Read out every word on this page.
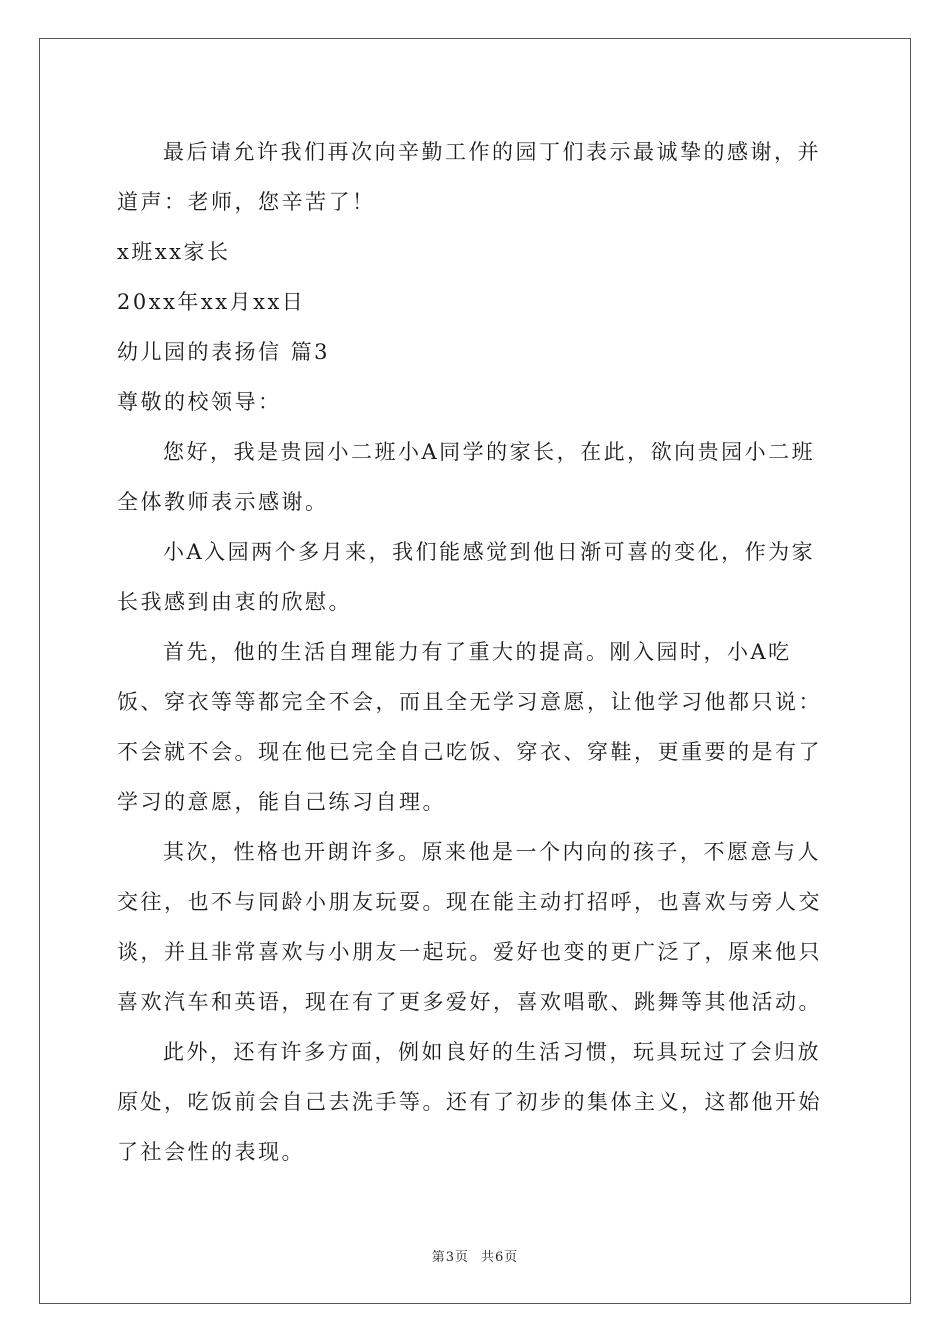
最后请允许我们再次向辛勤工作的园丁们表示最诚挚的感谢，并道声：老师，您辛苦了！

x班xx家长

20xx年xx月xx日

幼儿园的表扬信 篇3

尊敬的校领导：

您好，我是贵园小二班小A同学的家长，在此，欲向贵园小二班全体教师表示感谢。

小A入园两个多月来，我们能感觉到他日渐可喜的变化，作为家长我感到由衷的欣慰。

首先，他的生活自理能力有了重大的提高。刚入园时，小A吃饭、穿衣等等都完全不会，而且全无学习意愿，让他学习他都只说：不会就不会。现在他已完全自己吃饭、穿衣、穿鞋，更重要的是有了学习的意愿，能自己练习自理。

其次，性格也开朗许多。原来他是一个内向的孩子，不愿意与人交往，也不与同龄小朋友玩耍。现在能主动打招呼，也喜欢与旁人交谈，并且非常喜欢与小朋友一起玩。爱好也变的更广泛了，原来他只喜欢汽车和英语，现在有了更多爱好，喜欢唱歌、跳舞等其他活动。

此外，还有许多方面，例如良好的生活习惯，玩具玩过了会归放原处，吃饭前会自己去洗手等。还有了初步的集体主义，这都他开始了社会性的表现。

第3页 共6页
